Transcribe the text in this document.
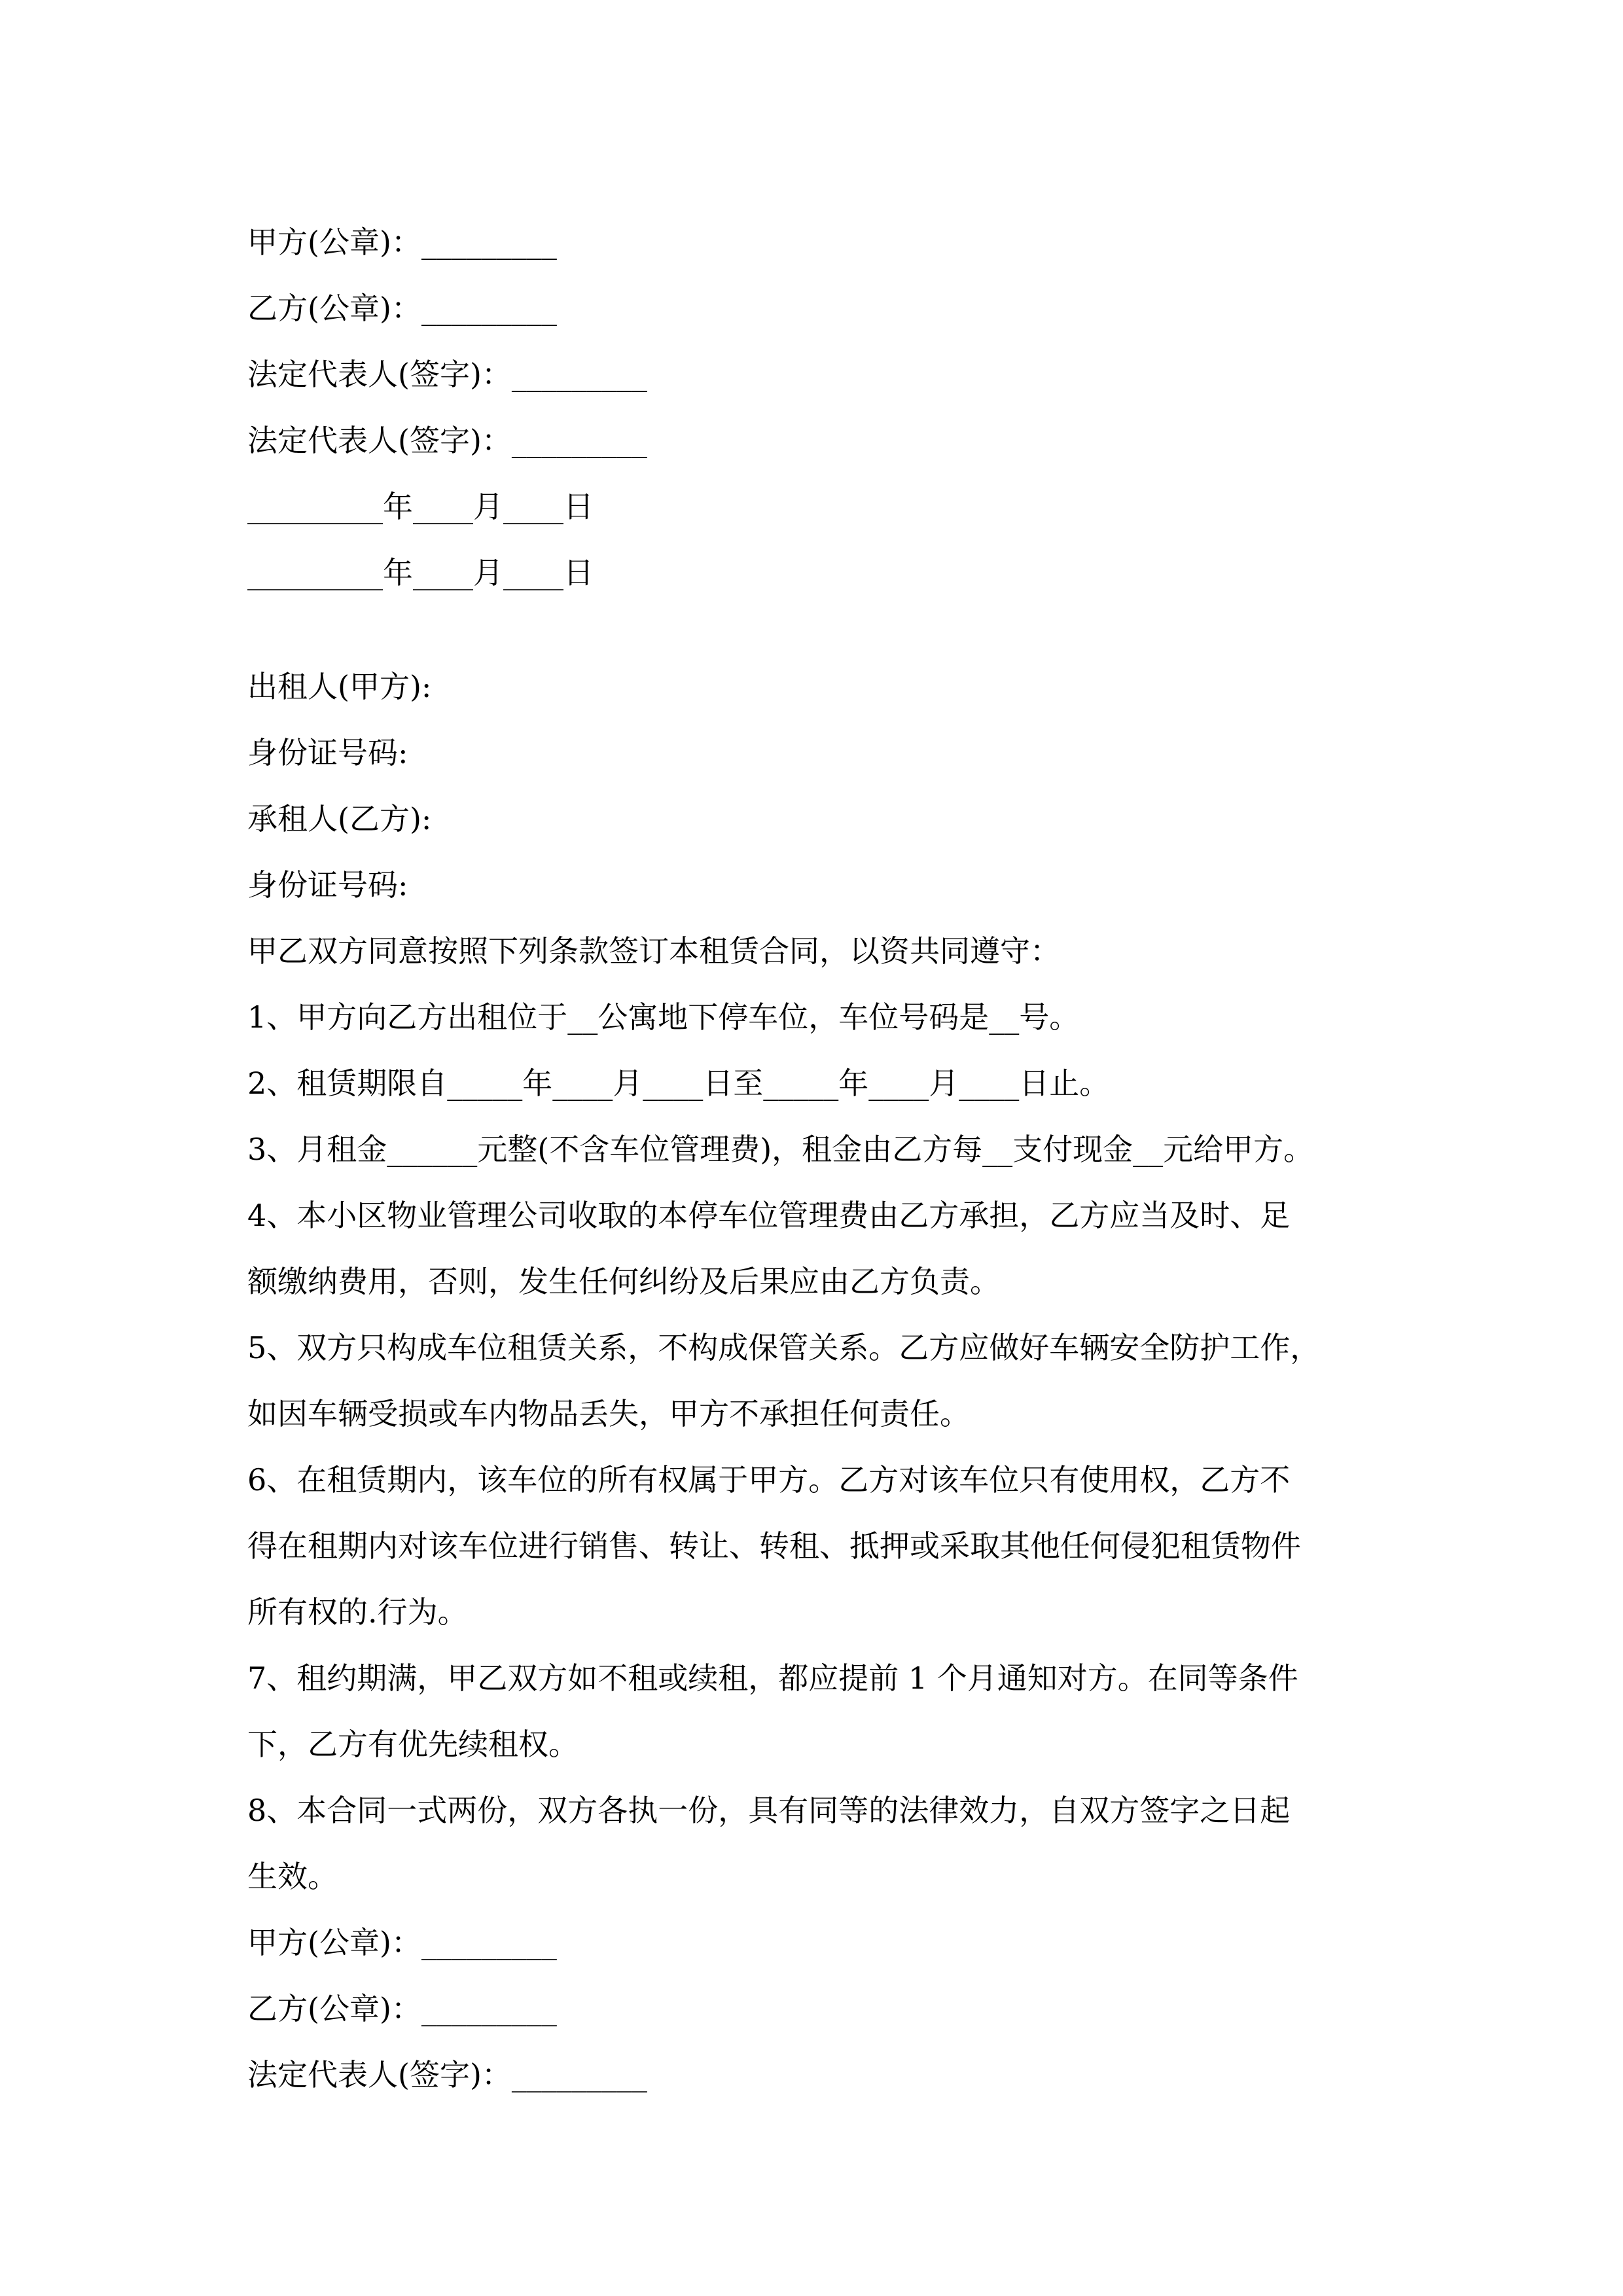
甲方(公章)：_________
乙方(公章)：_________
法定代表人(签字)：_________
法定代表人(签字)：_________
_________年____月____日
_________年____月____日
出租人(甲方):
身份证号码:
承租人(乙方):
身份证号码:
甲乙双方同意按照下列条款签订本租赁合同，以资共同遵守：
1、甲方向乙方出租位于__公寓地下停车位，车位号码是__号。
2、租赁期限自_____年____月____日至_____年____月____日止。
3、月租金______元整(不含车位管理费)，租金由乙方每__支付现金__元给甲方。
4、本小区物业管理公司收取的本停车位管理费由乙方承担，乙方应当及时、足
额缴纳费用，否则，发生任何纠纷及后果应由乙方负责。
5、双方只构成车位租赁关系，不构成保管关系。乙方应做好车辆安全防护工作，
如因车辆受损或车内物品丢失，甲方不承担任何责任。
6、在租赁期内，该车位的所有权属于甲方。乙方对该车位只有使用权，乙方不
得在租期内对该车位进行销售、转让、转租、抵押或采取其他任何侵犯租赁物件
所有权的.行为。
7、租约期满，甲乙双方如不租或续租，都应提前 1 个月通知对方。在同等条件
下，乙方有优先续租权。
8、本合同一式两份，双方各执一份，具有同等的法律效力，自双方签字之日起
生效。
甲方(公章)：_________
乙方(公章)：_________
法定代表人(签字)：_________
